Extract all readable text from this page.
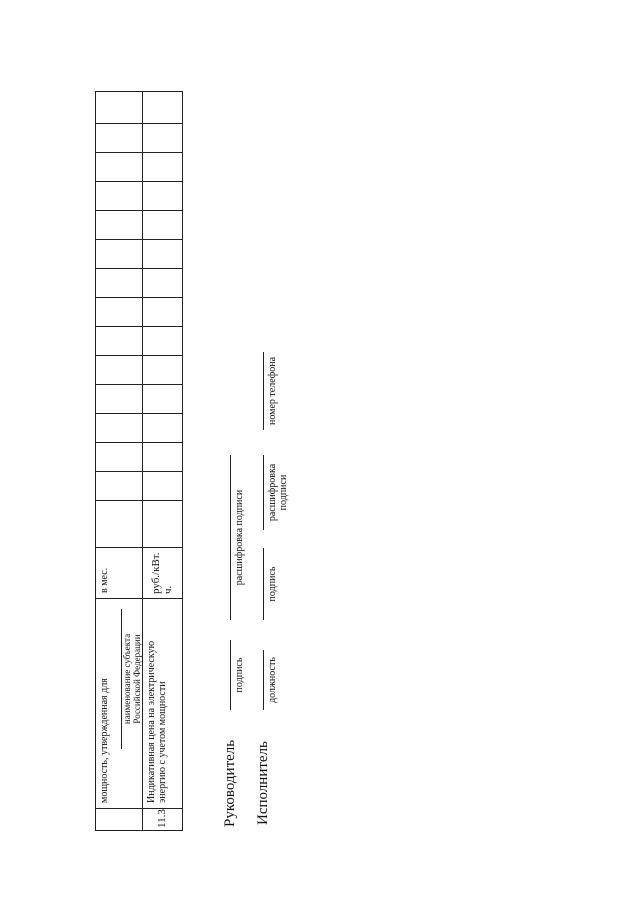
мощность, утвержденная для наименование субъекта Российской Федерации
в мес.
11.3
Индикативная цена на электрическую энергию с учетом мощности
руб./кВт. ч.
Руководитель
подпись
расшифровка подписи
Исполнитель
должность
подпись
расшифровка подписи
номер телефона
